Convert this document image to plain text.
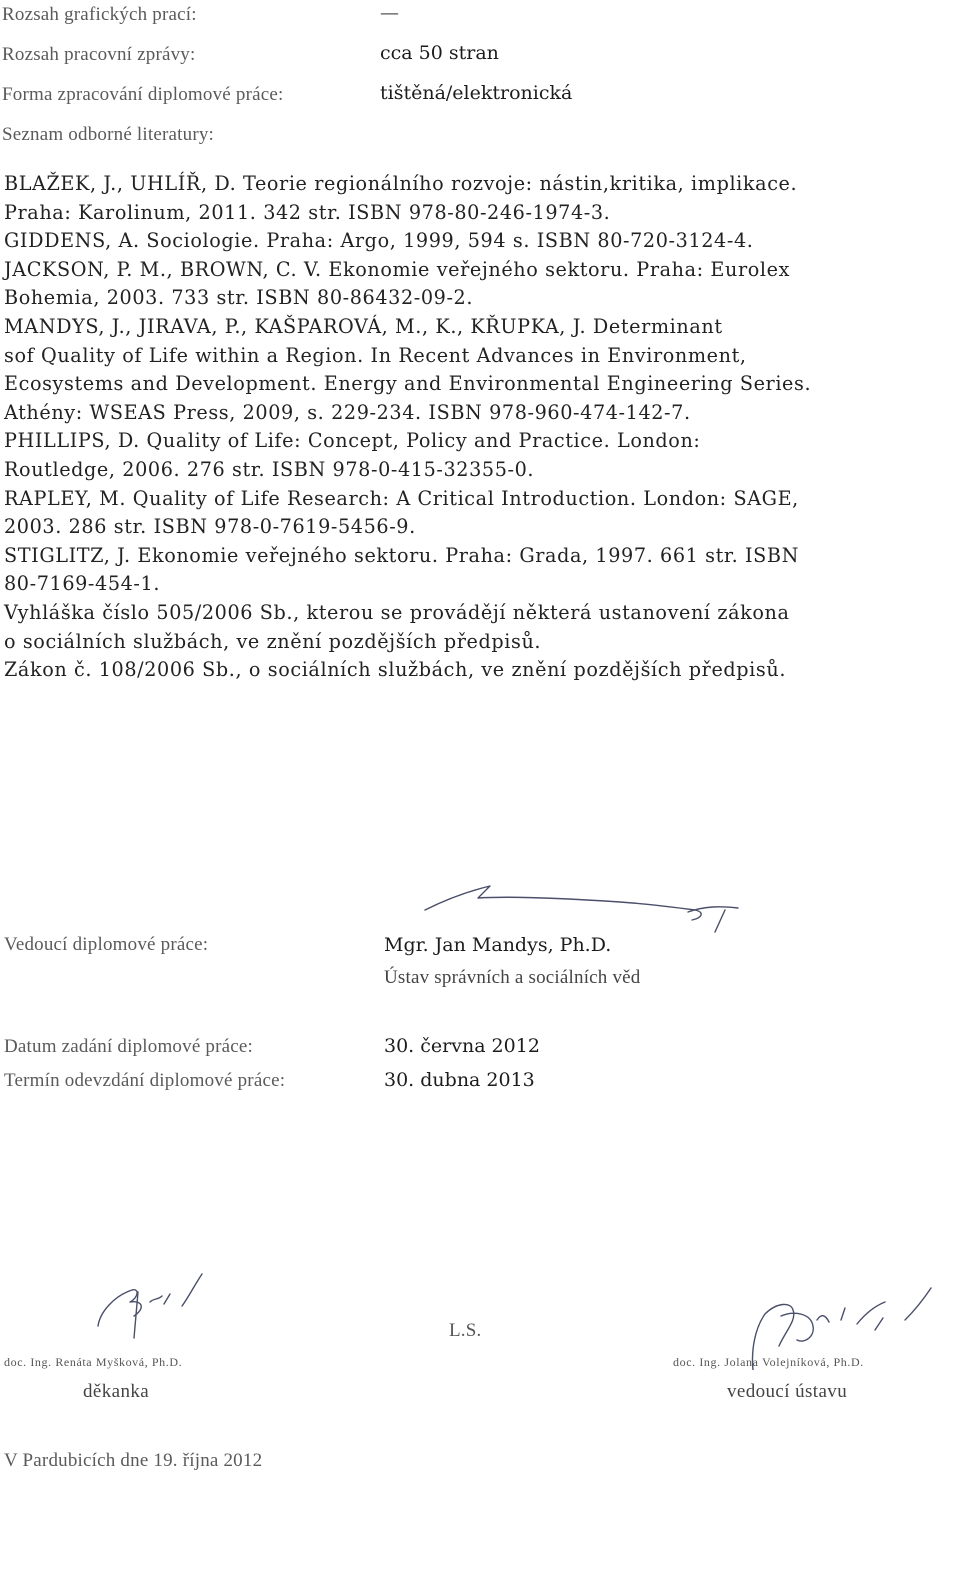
Rozsah grafických prací:	—
Rozsah pracovní zprávy:	cca 50 stran
Forma zpracování diplomové práce:	tištěná/elektronická
Seznam odborné literatury:
BLAŽEK, J., UHLÍŘ, D. Teorie regionálního rozvoje: nástin,kritika, implikace.
Praha: Karolinum, 2011. 342 str. ISBN 978-80-246-1974-3.
GIDDENS, A. Sociologie. Praha: Argo, 1999, 594 s. ISBN 80-720-3124-4.
JACKSON, P. M., BROWN, C. V. Ekonomie veřejného sektoru. Praha: Eurolex
Bohemia, 2003. 733 str. ISBN 80-86432-09-2.
MANDYS, J., JIRAVA, P., KAŠPAROVÁ, M., K., KŘUPKA, J. Determinant
sof Quality of Life within a Region. In Recent Advances in Environment,
Ecosystems and Development. Energy and Environmental Engineering Series.
Athény: WSEAS Press, 2009, s. 229-234. ISBN 978-960-474-142-7.
PHILLIPS, D. Quality of Life: Concept, Policy and Practice. London:
Routledge, 2006. 276 str. ISBN 978-0-415-32355-0.
RAPLEY, M. Quality of Life Research: A Critical Introduction. London: SAGE,
2003. 286 str. ISBN 978-0-7619-5456-9.
STIGLITZ, J. Ekonomie veřejného sektoru. Praha: Grada, 1997. 661 str. ISBN
80-7169-454-1.
Vyhláška číslo 505/2006 Sb., kterou se provádějí některá ustanovení zákona
o sociálních službách, ve znění pozdějších předpisů.
Zákon č. 108/2006 Sb., o sociálních službách, ve znění pozdějších předpisů.
Vedoucí diplomové práce:	Mgr. Jan Mandys, Ph.D.
Ústav správních a sociálních věd
Datum zadání diplomové práce:	30. června 2012
Termín odevzdání diplomové práce:	30. dubna 2013
doc. Ing. Renáta Myšková, Ph.D.
děkanka
L.S.
doc. Ing. Jolana Volejníková, Ph.D.
vedoucí ústavu
V Pardubicích dne 19. října 2012
